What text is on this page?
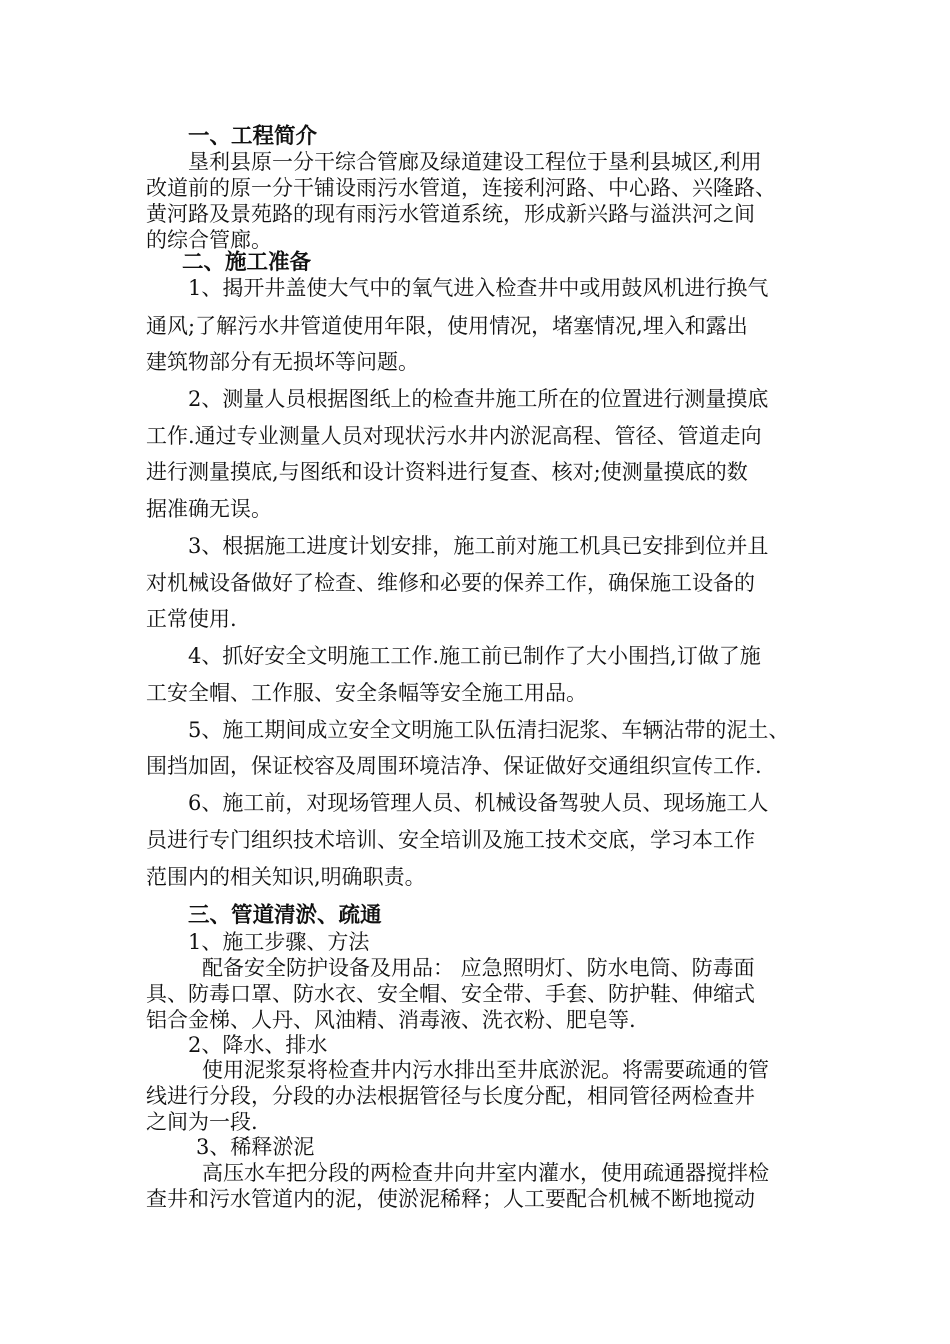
一、工程简介
垦利县原一分干综合管廊及绿道建设工程位于垦利县城区,利用
改道前的原一分干铺设雨污水管道，连接利河路、中心路、兴隆路、
黄河路及景苑路的现有雨污水管道系统，形成新兴路与溢洪河之间
的综合管廊。
二、施工准备
1、揭开井盖使大气中的氧气进入检查井中或用鼓风机进行换气
通风;了解污水井管道使用年限，使用情况，堵塞情况,埋入和露出
建筑物部分有无损坏等问题。
2、测量人员根据图纸上的检查井施工所在的位置进行测量摸底
工作.通过专业测量人员对现状污水井内淤泥高程、管径、管道走向
进行测量摸底,与图纸和设计资料进行复查、核对;使测量摸底的数
据准确无误。
3、根据施工进度计划安排，施工前对施工机具已安排到位并且
对机械设备做好了检查、维修和必要的保养工作，确保施工设备的
正常使用.
4、抓好安全文明施工工作.施工前已制作了大小围挡,订做了施
工安全帽、工作服、安全条幅等安全施工用品。
5、施工期间成立安全文明施工队伍清扫泥浆、车辆沾带的泥土、
围挡加固，保证校容及周围环境洁净、保证做好交通组织宣传工作.
6、施工前，对现场管理人员、机械设备驾驶人员、现场施工人
员进行专门组织技术培训、安全培训及施工技术交底，学习本工作
范围内的相关知识,明确职责。
三、管道清淤、疏通
1、施工步骤、方法
配备安全防护设备及用品： 应急照明灯、防水电筒、防毒面
具、防毒口罩、防水衣、安全帽、安全带、手套、防护鞋、伸缩式
铝合金梯、人丹、风油精、消毒液、洗衣粉、肥皂等.
2、降水、排水
使用泥浆泵将检查井内污水排出至井底淤泥。将需要疏通的管
线进行分段，分段的办法根据管径与长度分配，相同管径两检查井
之间为一段.
3、稀释淤泥
高压水车把分段的两检查井向井室内灌水，使用疏通器搅拌检
查井和污水管道内的泥，使淤泥稀释；人工要配合机械不断地搅动
